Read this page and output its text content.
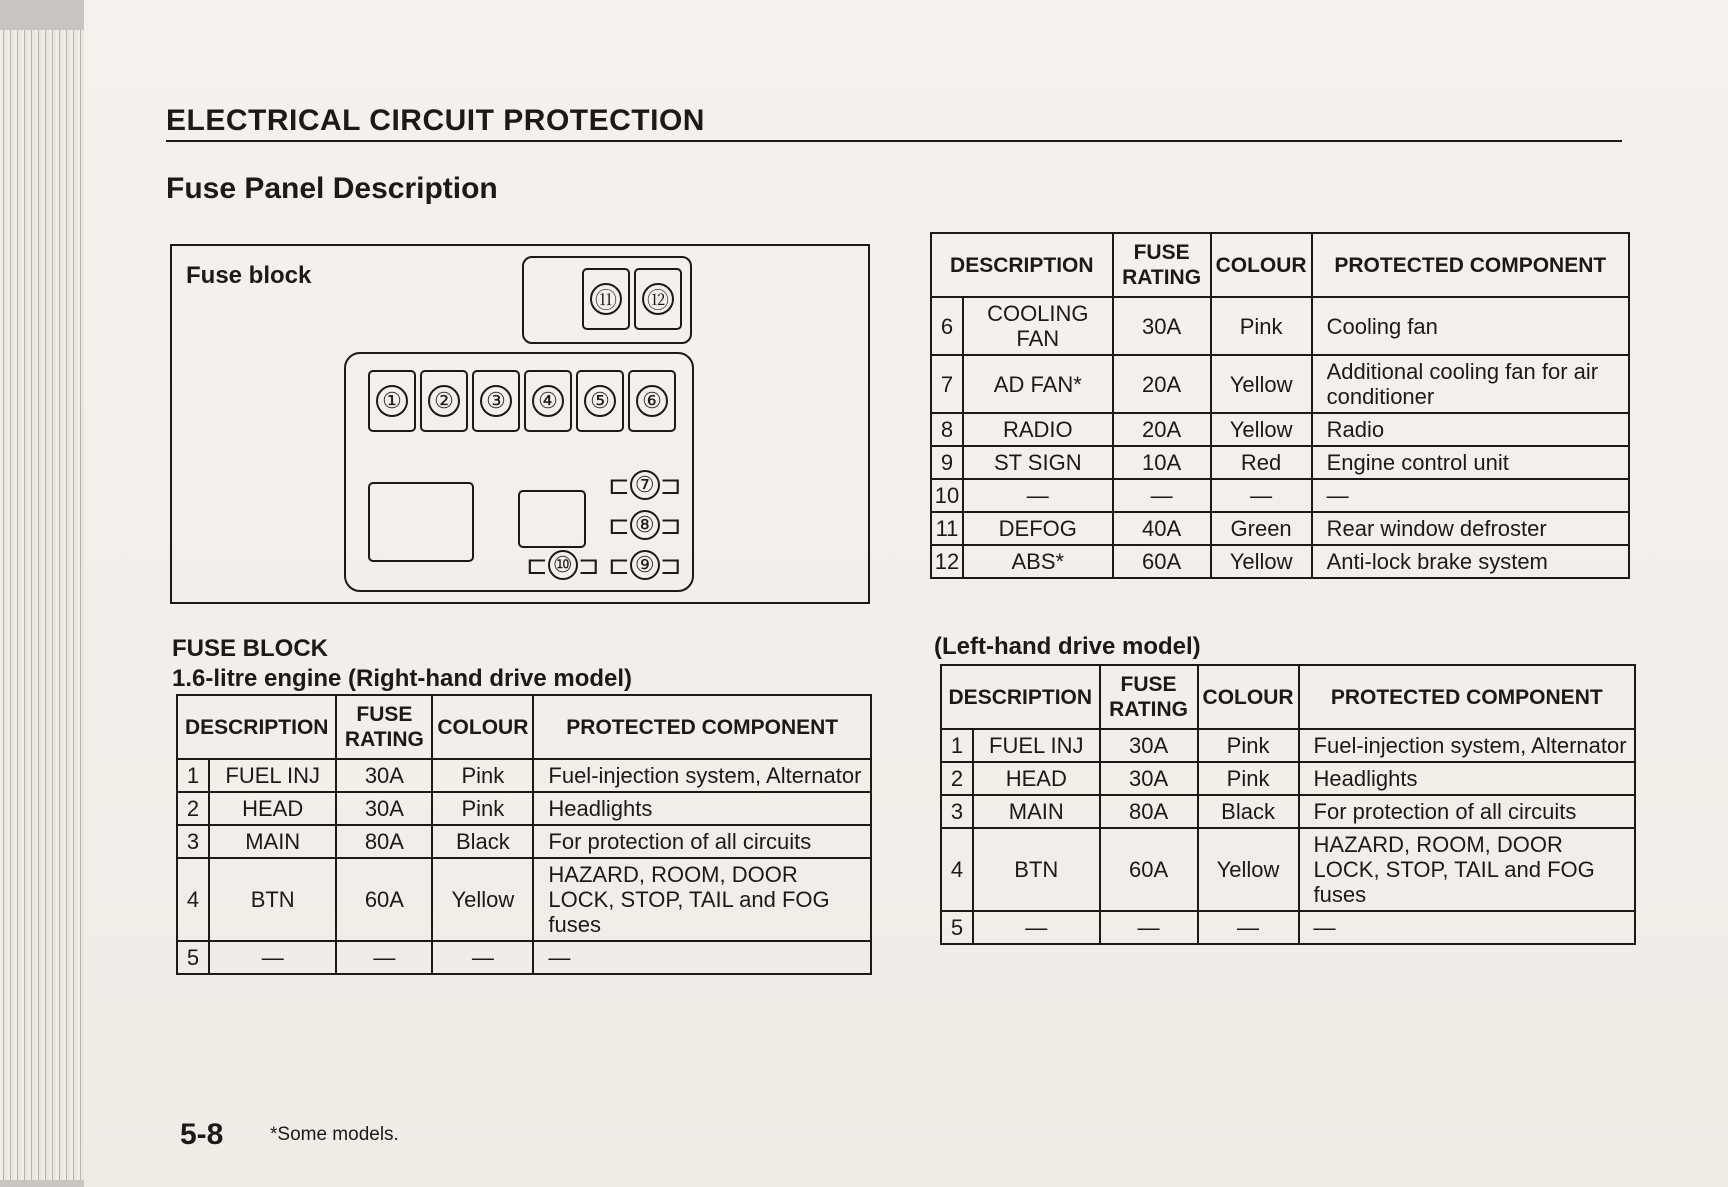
ELECTRICAL CIRCUIT PROTECTION
Fuse Panel Description
Fuse block
⑪ ⑫
① ② ③ ④ ⑤ ⑥
⊏ ⑦ ⊐
⊏ ⑧ ⊐
⊏ ⑨ ⊐
⊏ ⑩ ⊐
DESCRIPTION		FUSE
RATING	COLOUR	PROTECTED COMPONENT
6	COOLING FAN	30A	Pink	Cooling fan
7	AD FAN*	20A	Yellow	Additional cooling fan for air conditioner
8	RADIO	20A	Yellow	Radio
9	ST SIGN	10A	Red	Engine control unit
10	—	—	—	—
11	DEFOG	40A	Green	Rear window defroster
12	ABS*	60A	Yellow	Anti-lock brake system
FUSE BLOCK
1.6-litre engine (Right-hand drive model)
DESCRIPTION		FUSE
RATING	COLOUR	PROTECTED COMPONENT
1	FUEL INJ	30A	Pink	Fuel-injection system, Alternator
2	HEAD	30A	Pink	Headlights
3	MAIN	80A	Black	For protection of all circuits
4	BTN	60A	Yellow	HAZARD, ROOM, DOOR LOCK, STOP, TAIL and FOG fuses
5	—	—	—	—
(Left-hand drive model)
DESCRIPTION		FUSE
RATING	COLOUR	PROTECTED COMPONENT
1	FUEL INJ	30A	Pink	Fuel-injection system, Alternator
2	HEAD	30A	Pink	Headlights
3	MAIN	80A	Black	For protection of all circuits
4	BTN	60A	Yellow	HAZARD, ROOM, DOOR LOCK, STOP, TAIL and FOG fuses
5	—	—	—	—
5-8 *Some models.
